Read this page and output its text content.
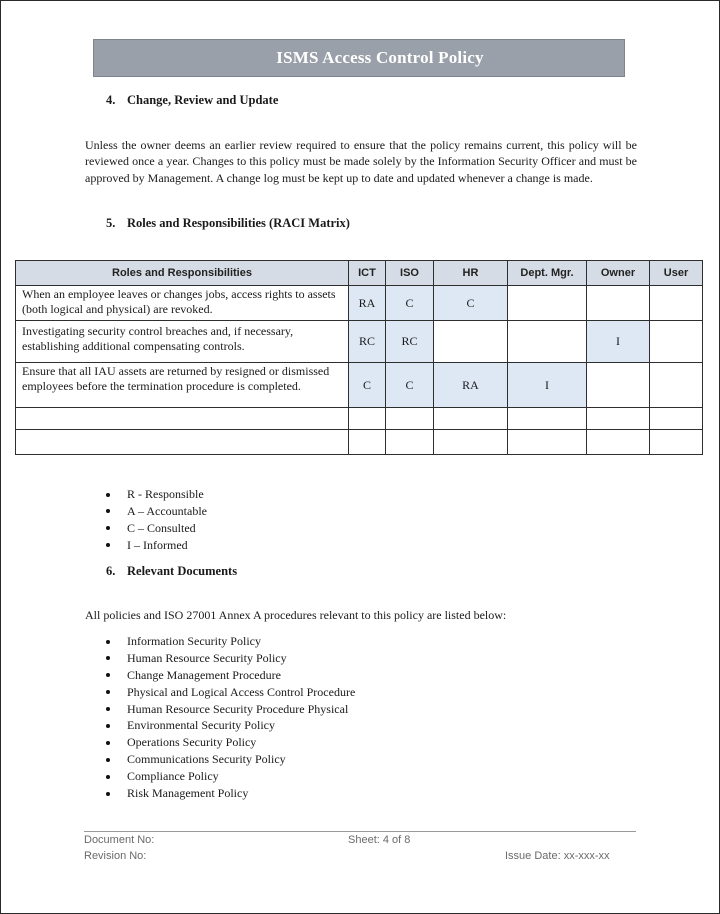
ISMS Access Control Policy
4. Change, Review and Update
Unless the owner deems an earlier review required to ensure that the policy remains current, this policy will be reviewed once a year. Changes to this policy must be made solely by the Information Security Officer and must be approved by Management. A change log must be kept up to date and updated whenever a change is made.
5. Roles and Responsibilities (RACI Matrix)
Roles and Responsibilities	ICT	ISO	HR	Dept. Mgr.	Owner	User
When an employee leaves or changes jobs, access rights to assets (both logical and physical) are revoked.	RA	C	C			
Investigating security control breaches and, if necessary, establishing additional compensating controls.	RC	RC			I	
Ensure that all IAU assets are returned by resigned or dismissed employees before the termination procedure is completed.	C	C	RA	I		

R - Responsible
A – Accountable
C – Consulted
I – Informed
6. Relevant Documents
All policies and ISO 27001 Annex A procedures relevant to this policy are listed below:
Information Security Policy
Human Resource Security Policy
Change Management Procedure
Physical and Logical Access Control Procedure
Human Resource Security Procedure Physical
Environmental Security Policy
Operations Security Policy
Communications Security Policy
Compliance Policy
Risk Management Policy
Document No:
Revision No:
Sheet: 4 of 8
Issue Date: xx-xxx-xx
